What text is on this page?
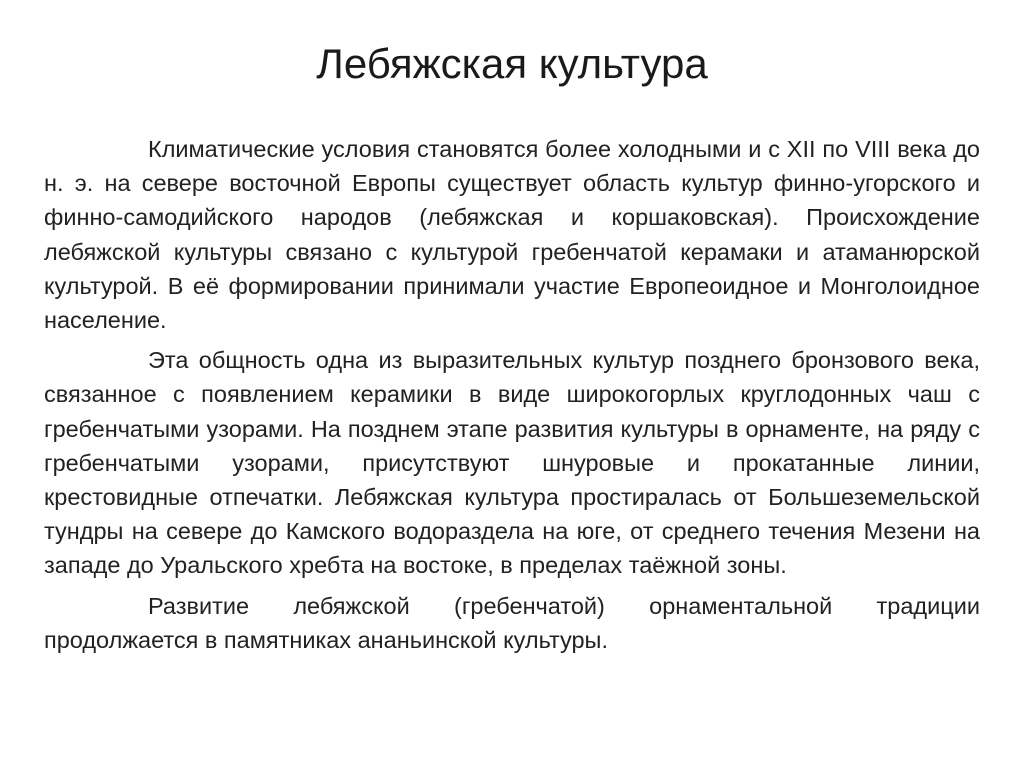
Лебяжская культура

Климатические условия становятся более холодными и с XII по VIII века до н. э. на севере восточной Европы существует область культур финно-угорского и финно-самодийского народов (лебяжская и коршаковская). Происхождение лебяжской культуры связано с культурой гребенчатой керамаки и атаманюрской культурой. В её формировании принимали участие Европеоидное и Монголоидное население.

Эта общность одна из выразительных культур позднего бронзового века, связанное с появлением керамики в виде широкогорлых круглодонных чаш с гребенчатыми узорами. На позднем этапе развития культуры в орнаменте, на ряду с гребенчатыми узорами, присутствуют шнуровые и прокатанные линии, крестовидные отпечатки. Лебяжская культура простиралась от Большеземельской тундры на севере до Камского водораздела на юге, от среднего течения Мезени на западе до Уральского хребта на востоке, в пределах таёжной зоны.

Развитие лебяжской (гребенчатой) орнаментальной традиции продолжается в памятниках ананьинской культуры.
